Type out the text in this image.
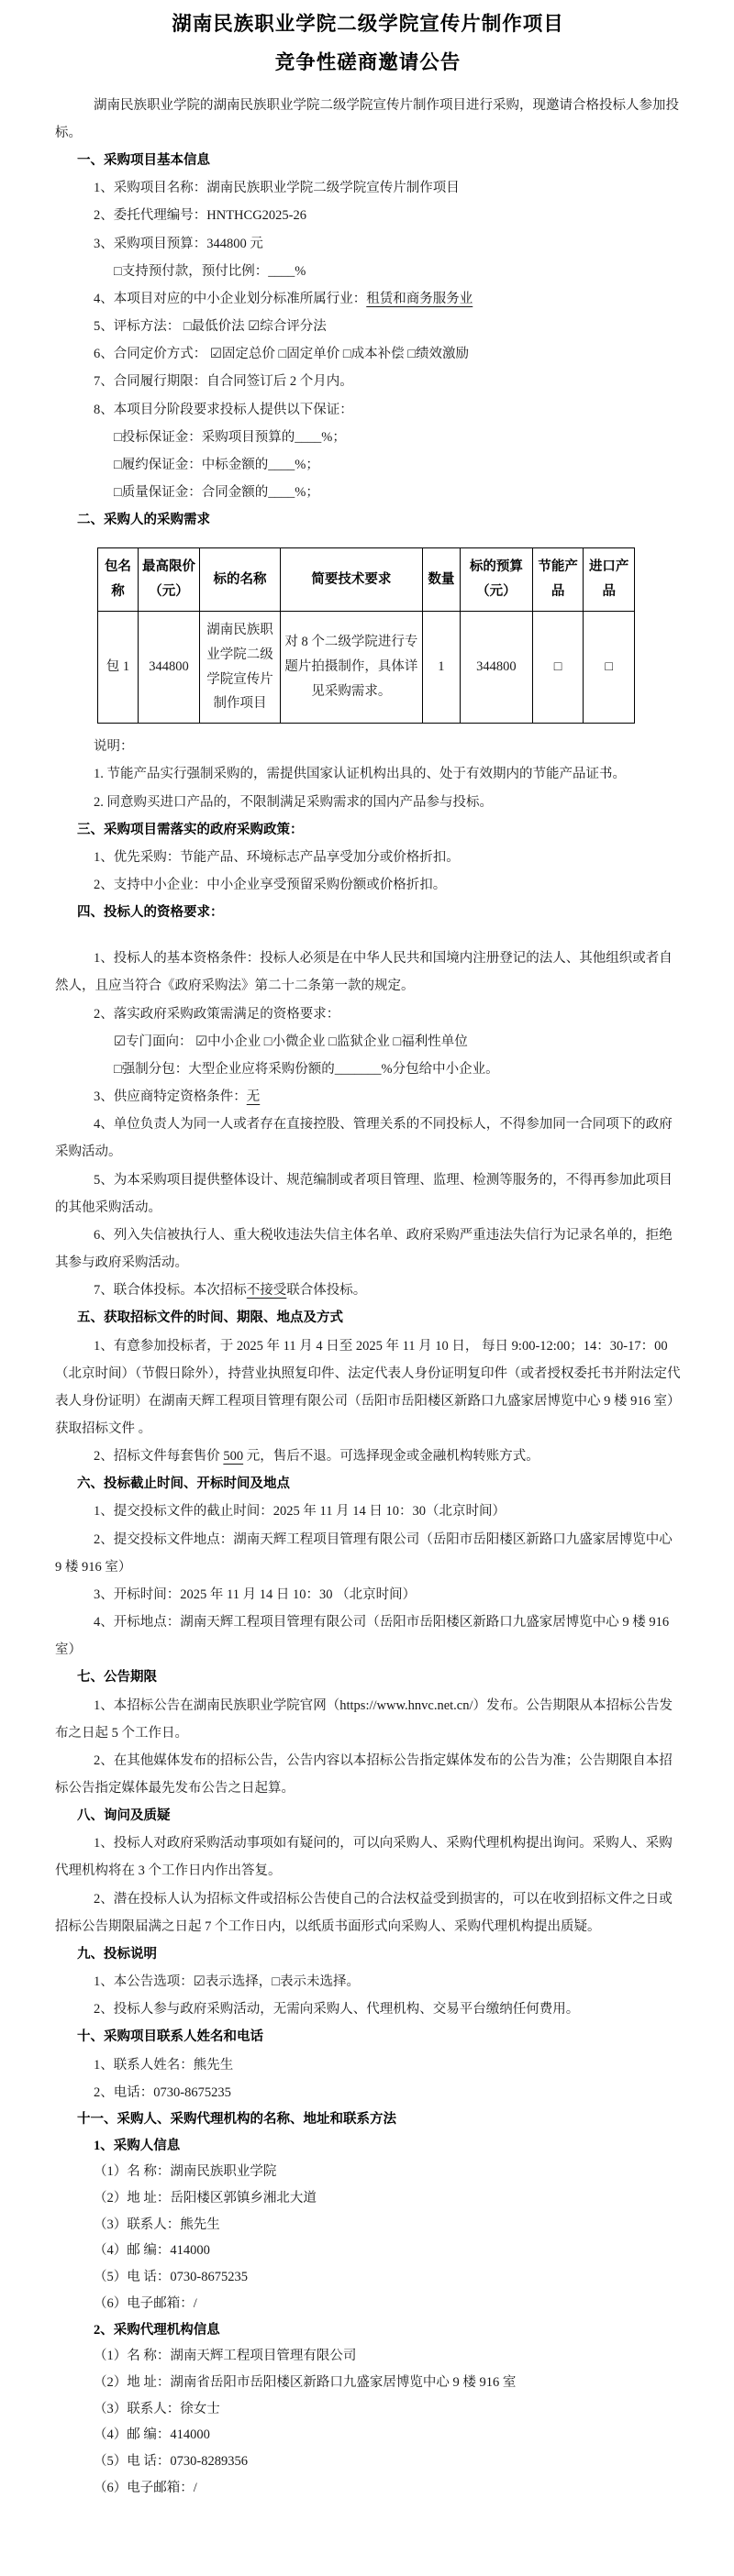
湖南民族职业学院二级学院宣传片制作项目
竞争性磋商邀请公告

湖南民族职业学院的湖南民族职业学院二级学院宣传片制作项目进行采购，现邀请合格投标人参加投标。

一、采购项目基本信息

1、采购项目名称：湖南民族职业学院二级学院宣传片制作项目

2、委托代理编号：HNTHCG2025-26

3、采购项目预算：344800 元

□支持预付款，预付比例：____%

4、本项目对应的中小企业划分标准所属行业：租赁和商务服务业

5、评标方法： □最低价法 ☑综合评分法

6、合同定价方式： ☑固定总价 □固定单价 □成本补偿 □绩效激励

7、合同履行期限：自合同签订后 2 个月内。

8、本项目分阶段要求投标人提供以下保证：

□投标保证金：采购项目预算的____%；

□履约保证金：中标金额的____%；

□质量保证金：合同金额的____%；

二、采购人的采购需求

包名称	最高限价（元）	标的名称	简要技术要求	数量	标的预算（元）	节能产品	进口产品
包 1	344800	湖南民族职业学院二级学院宣传片制作项目	对 8 个二级学院进行专题片拍摄制作，具体详见采购需求。	1	344800	□	□

说明：

1. 节能产品实行强制采购的，需提供国家认证机构出具的、处于有效期内的节能产品证书。

2. 同意购买进口产品的，不限制满足采购需求的国内产品参与投标。

三、采购项目需落实的政府采购政策：

1、优先采购：节能产品、环境标志产品享受加分或价格折扣。

2、支持中小企业：中小企业享受预留采购份额或价格折扣。

四、投标人的资格要求：

1、投标人的基本资格条件：投标人必须是在中华人民共和国境内注册登记的法人、其他组织或者自然人，且应当符合《政府采购法》第二十二条第一款的规定。

2、落实政府采购政策需满足的资格要求：

☑专门面向： ☑中小企业 □小微企业 □监狱企业 □福利性单位

□强制分包：大型企业应将采购份额的_______%分包给中小企业。

3、供应商特定资格条件：无

4、单位负责人为同一人或者存在直接控股、管理关系的不同投标人，不得参加同一合同项下的政府采购活动。

5、为本采购项目提供整体设计、规范编制或者项目管理、监理、检测等服务的，不得再参加此项目的其他采购活动。

6、列入失信被执行人、重大税收违法失信主体名单、政府采购严重违法失信行为记录名单的，拒绝其参与政府采购活动。

7、联合体投标。本次招标不接受联合体投标。

五、获取招标文件的时间、期限、地点及方式

1、有意参加投标者，于 2025 年 11 月 4 日至 2025 年 11 月 10 日， 每日 9:00-12:00；14：30-17：00（北京时间）（节假日除外），持营业执照复印件、法定代表人身份证明复印件（或者授权委托书并附法定代表人身份证明）在湖南天辉工程项目管理有限公司（岳阳市岳阳楼区新路口九盛家居博览中心 9 楼 916 室）获取招标文件 。

2、招标文件每套售价 500 元，售后不退。可选择现金或金融机构转账方式。

六、投标截止时间、开标时间及地点

1、提交投标文件的截止时间：2025 年 11 月 14 日 10：30（北京时间）

2、提交投标文件地点：湖南天辉工程项目管理有限公司（岳阳市岳阳楼区新路口九盛家居博览中心 9 楼 916 室）

3、开标时间：2025 年 11 月 14 日 10：30 （北京时间）

4、开标地点：湖南天辉工程项目管理有限公司（岳阳市岳阳楼区新路口九盛家居博览中心 9 楼 916 室）

七、公告期限

1、本招标公告在湖南民族职业学院官网（https://www.hnvc.net.cn/）发布。公告期限从本招标公告发布之日起 5 个工作日。

2、在其他媒体发布的招标公告，公告内容以本招标公告指定媒体发布的公告为准；公告期限自本招标公告指定媒体最先发布公告之日起算。

八、询问及质疑

1、投标人对政府采购活动事项如有疑问的，可以向采购人、采购代理机构提出询问。采购人、采购代理机构将在 3 个工作日内作出答复。

2、潜在投标人认为招标文件或招标公告使自己的合法权益受到损害的，可以在收到招标文件之日或招标公告期限届满之日起 7 个工作日内，以纸质书面形式向采购人、采购代理机构提出质疑。

九、投标说明

1、本公告选项：☑表示选择，□表示未选择。

2、投标人参与政府采购活动，无需向采购人、代理机构、交易平台缴纳任何费用。

十、采购项目联系人姓名和电话

1、联系人姓名：熊先生

2、电话：0730-8675235

十一、采购人、采购代理机构的名称、地址和联系方法

1、采购人信息

（1）名 称：湖南民族职业学院

（2）地 址：岳阳楼区郭镇乡湘北大道

（3）联系人：熊先生

（4）邮 编：414000

（5）电 话：0730-8675235

（6）电子邮箱：/

2、采购代理机构信息

（1）名 称：湖南天辉工程项目管理有限公司

（2）地 址：湖南省岳阳市岳阳楼区新路口九盛家居博览中心 9 楼 916 室

（3）联系人：徐女士

（4）邮 编：414000

（5）电 话：0730-8289356

（6）电子邮箱：/
